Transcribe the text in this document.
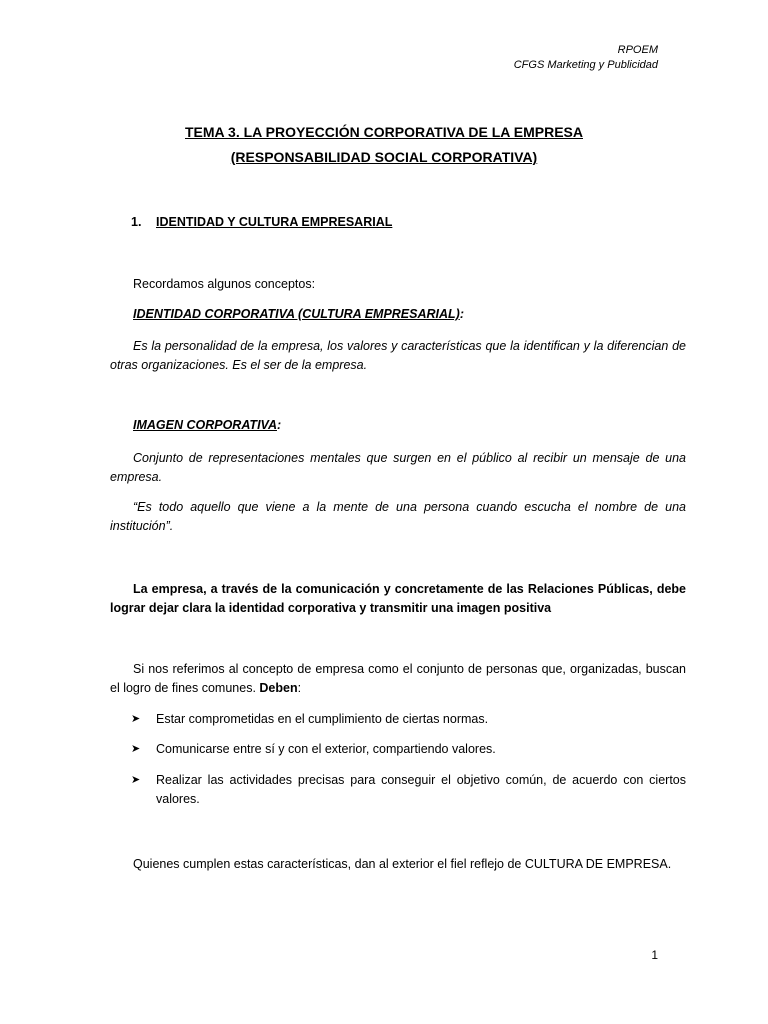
RPOEM
CFGS Marketing y Publicidad
TEMA 3. LA PROYECCIÓN CORPORATIVA DE LA EMPRESA
(RESPONSABILIDAD SOCIAL CORPORATIVA)
1. IDENTIDAD Y CULTURA EMPRESARIAL
Recordamos algunos conceptos:
IDENTIDAD CORPORATIVA (CULTURA EMPRESARIAL):
Es la personalidad de la empresa, los valores y características que la identifican y la diferencian de otras organizaciones. Es el ser de la empresa.
IMAGEN CORPORATIVA:
Conjunto de representaciones mentales que surgen en el público al recibir un mensaje de una empresa.
“Es todo aquello que viene a la mente de una persona cuando escucha el nombre de una institución”.
La empresa, a través de la comunicación y concretamente de las Relaciones Públicas, debe lograr dejar clara la identidad corporativa y transmitir una imagen positiva
Si nos referimos al concepto de empresa como el conjunto de personas que, organizadas, buscan el logro de fines comunes. Deben:
➤ Estar comprometidas en el cumplimiento de ciertas normas.
➤ Comunicarse entre sí y con el exterior, compartiendo valores.
➤ Realizar las actividades precisas para conseguir el objetivo común, de acuerdo con ciertos valores.
Quienes cumplen estas características, dan al exterior el fiel reflejo de CULTURA DE EMPRESA.
1
